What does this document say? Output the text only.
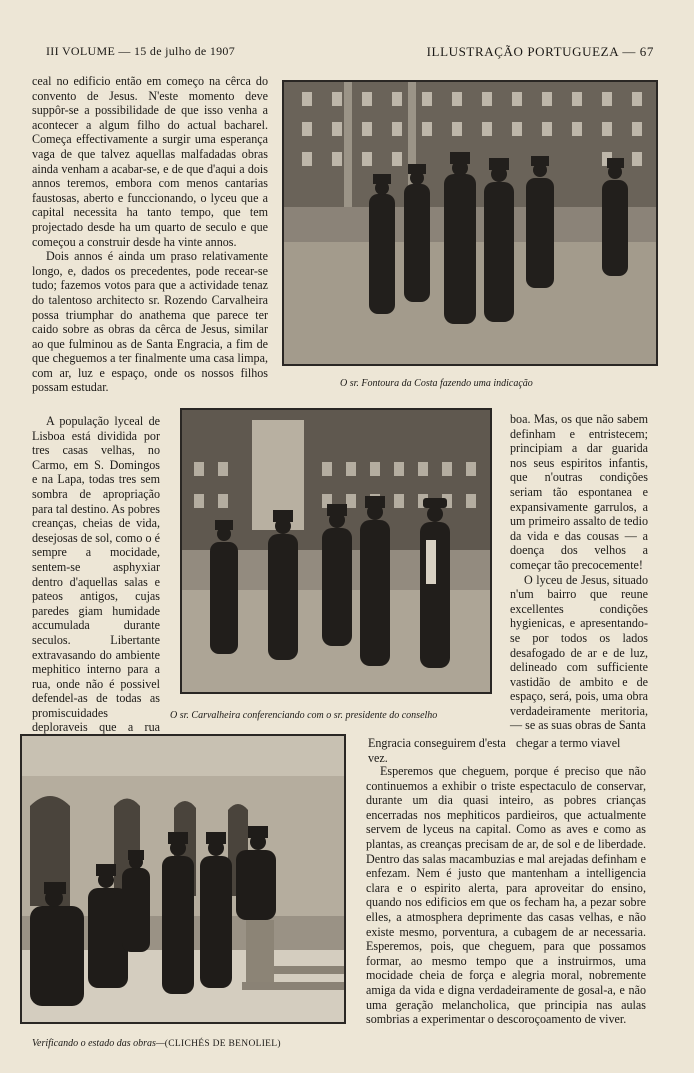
III VOLUME — 15 de julho de 1907	ILLUSTRAÇÃO PORTUGUEZA — 67

ceal no edificio então em começo na cêrca do convento de Jesus. N'este momento deve suppôr-se a possibilidade de que isso venha a acontecer a algum filho do actual bacharel. Começa effectivamente a surgir uma esperança vaga de que talvez aquellas malfadadas obras ainda venham a acabar-se, e de que d'aqui a dois annos teremos, embora com menos cantarias faustosas, aberto e funccionando, o lyceu que a capital necessita ha tanto tempo, que tem projectado desde ha um quarto de seculo e que começou a construir desde ha vinte annos.

Dois annos é ainda um praso relativamente longo, e, dados os precedentes, pode recear-se tudo; fazemos votos para que a actividade tenaz do talentoso architecto sr. Rozendo Carvalheira possa triumphar do anathema que parece ter caido sobre as obras da cêrca de Jesus, similar ao que fulminou as de Santa Engracia, a fim de que cheguemos a ter finalmente uma casa limpa, com ar, luz e espaço, onde os nossos filhos possam estudar.

A população lyceal de Lisboa está dividida por tres casas velhas, no Carmo, em S. Domingos e na Lapa, todas tres sem sombra de apropriação para tal destino. As pobres creanças, cheias de vida, desejosas de sol, como o é sempre a mocidade, sentem-se asphyxiar dentro d'aquellas salas e pateos antigos, cujas paredes giam humidade accumulada durante seculos. Libertante extravasando do ambiente mephitico interno para a rua, onde não é possivel defendel-as de todas as promiscuidades deploraveis que a rua

boa. Mas, os que não sabem definham e entristecem; principiam a dar guarida nos seus espiritos infantis, que n'outras condições seriam tão espontanea e expansivamente garrulos, a um primeiro assalto de tedio da vida e das cousas — a doença dos velhos a começar tão precocemente!

O lyceu de Jesus, situado n'um bairro que reune excellentes condições hygienicas, e apresentando-se por todos os lados desafogado de ar e de luz, delineado com sufficiente vastidão de ambito e de espaço, será, pois, uma obra verdadeiramente meritoria, — se as suas obras de Santa

Engracia conseguirem d'esta vez.
chegar a termo viavel

Esperemos que cheguem, porque é preciso que não continuemos a exhibir o triste espectaculo de conservar, durante um dia quasi inteiro, as pobres crianças encerradas nos mephiticos pardieiros, que actualmente servem de lyceus na capital. Como as aves e como as plantas, as creanças precisam de ar, de sol e de liberdade. Dentro das salas macambuzias e mal arejadas definham e enfezam. Nem é justo que mantenham a intelligencia clara e o espirito alerta, para aproveitar do ensino, quando nos edificios em que os fecham ha, a pezar sobre elles, a atmosphera deprimente das casas velhas, e não existe mesmo, porventura, a cubagem de ar necessaria. Esperemos, pois, que cheguem, para que possamos formar, ao mesmo tempo que a instruirmos, uma mocidade cheia de força e alegria moral, nobremente amiga da vida e digna verdadeiramente de gosal-a, e não uma geração melancholica, que principia nas aulas sombrias a experimentar o descoroçoamento de viver.

O sr. Fontoura da Costa fazendo uma indicação
O sr. Carvalheira conferenciando com o sr. presidente do conselho
Verificando o estado das obras—(CLICHÉS DE BENOLIEL)
